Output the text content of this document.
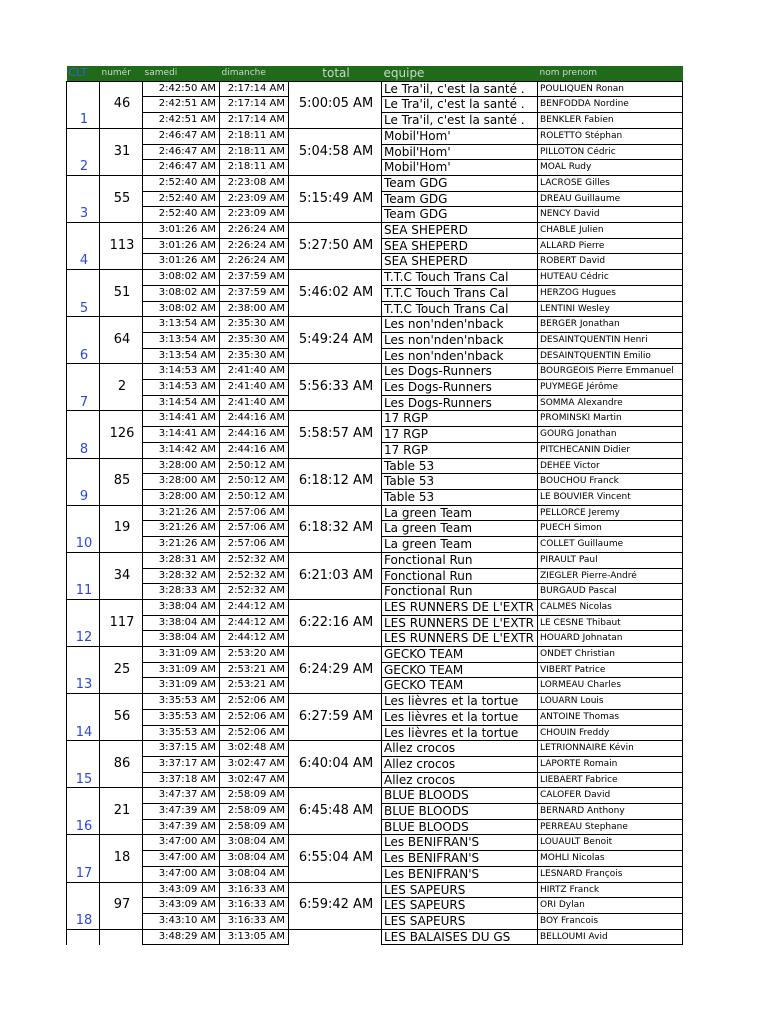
CLT	numér	samedi	dimanche	total	equipe	nom prenom
1	46	2:42:50 AM	2:17:14 AM	5:00:05 AM	Le Tra'il, c'est la santé .	POULIQUEN Ronan
		2:42:51 AM	2:17:14 AM		Le Tra'il, c'est la santé .	BENFODDA Nordine
		2:42:51 AM	2:17:14 AM		Le Tra'il, c'est la santé .	BENKLER Fabien
2	31	2:46:47 AM	2:18:11 AM	5:04:58 AM	Mobil'Hom'	ROLETTO Stéphan
		2:46:47 AM	2:18:11 AM		Mobil'Hom'	PILLOTON Cédric
		2:46:47 AM	2:18:11 AM		Mobil'Hom'	MOAL Rudy
3	55	2:52:40 AM	2:23:08 AM	5:15:49 AM	Team GDG	LACROSE Gilles
		2:52:40 AM	2:23:09 AM		Team GDG	DREAU Guillaume
		2:52:40 AM	2:23:09 AM		Team GDG	NENCY David
4	113	3:01:26 AM	2:26:24 AM	5:27:50 AM	SEA SHEPERD	CHABLE Julien
		3:01:26 AM	2:26:24 AM		SEA SHEPERD	ALLARD Pierre
		3:01:26 AM	2:26:24 AM		SEA SHEPERD	ROBERT David
5	51	3:08:02 AM	2:37:59 AM	5:46:02 AM	T.T.C Touch Trans Cal	HUTEAU Cédric
		3:08:02 AM	2:37:59 AM		T.T.C Touch Trans Cal	HERZOG Hugues
		3:08:02 AM	2:38:00 AM		T.T.C Touch Trans Cal	LENTINI Wesley
6	64	3:13:54 AM	2:35:30 AM	5:49:24 AM	Les non'nden'nback	BERGER Jonathan
		3:13:54 AM	2:35:30 AM		Les non'nden'nback	DESAINTQUENTIN Henri
		3:13:54 AM	2:35:30 AM		Les non'nden'nback	DESAINTQUENTIN Emilio
7	2	3:14:53 AM	2:41:40 AM	5:56:33 AM	Les Dogs-Runners	BOURGEOIS Pierre Emmanuel
		3:14:53 AM	2:41:40 AM		Les Dogs-Runners	PUYMEGE Jérôme
		3:14:54 AM	2:41:40 AM		Les Dogs-Runners	SOMMA Alexandre
8	126	3:14:41 AM	2:44:16 AM	5:58:57 AM	17 RGP	PROMINSKI Martin
		3:14:41 AM	2:44:16 AM		17 RGP	GOURG Jonathan
		3:14:42 AM	2:44:16 AM		17 RGP	PITCHECANIN Didier
9	85	3:28:00 AM	2:50:12 AM	6:18:12 AM	Table 53	DEHEE Victor
		3:28:00 AM	2:50:12 AM		Table 53	BOUCHOU Franck
		3:28:00 AM	2:50:12 AM		Table 53	LE BOUVIER Vincent
10	19	3:21:26 AM	2:57:06 AM	6:18:32 AM	La green Team	PELLORCE Jeremy
		3:21:26 AM	2:57:06 AM		La green Team	PUECH Simon
		3:21:26 AM	2:57:06 AM		La green Team	COLLET Guillaume
11	34	3:28:31 AM	2:52:32 AM	6:21:03 AM	Fonctional Run	PIRAULT Paul
		3:28:32 AM	2:52:32 AM		Fonctional Run	ZIEGLER Pierre-André
		3:28:33 AM	2:52:32 AM		Fonctional Run	BURGAUD Pascal
12	117	3:38:04 AM	2:44:12 AM	6:22:16 AM	LES RUNNERS DE L'EXTR	CALMES Nicolas
		3:38:04 AM	2:44:12 AM		LES RUNNERS DE L'EXTR	LE CESNE Thibaut
		3:38:04 AM	2:44:12 AM		LES RUNNERS DE L'EXTR	HOUARD Johnatan
13	25	3:31:09 AM	2:53:20 AM	6:24:29 AM	GECKO TEAM	ONDET Christian
		3:31:09 AM	2:53:21 AM		GECKO TEAM	VIBERT Patrice
		3:31:09 AM	2:53:21 AM		GECKO TEAM	LORMEAU Charles
14	56	3:35:53 AM	2:52:06 AM	6:27:59 AM	Les lièvres et la tortue	LOUARN Louis
		3:35:53 AM	2:52:06 AM		Les lièvres et la tortue	ANTOINE Thomas
		3:35:53 AM	2:52:06 AM		Les lièvres et la tortue	CHOUIN Freddy
15	86	3:37:15 AM	3:02:48 AM	6:40:04 AM	Allez crocos	LETRIONNAIRE Kévin
		3:37:17 AM	3:02:47 AM		Allez crocos	LAPORTE Romain
		3:37:18 AM	3:02:47 AM		Allez crocos	LIEBAERT Fabrice
16	21	3:47:37 AM	2:58:09 AM	6:45:48 AM	BLUE BLOODS	CALOFER David
		3:47:39 AM	2:58:09 AM		BLUE BLOODS	BERNARD Anthony
		3:47:39 AM	2:58:09 AM		BLUE BLOODS	PERREAU Stephane
17	18	3:47:00 AM	3:08:04 AM	6:55:04 AM	Les BENIFRAN'S	LOUAULT Benoit
		3:47:00 AM	3:08:04 AM		Les BENIFRAN'S	MOHLI Nicolas
		3:47:00 AM	3:08:04 AM		Les BENIFRAN'S	LESNARD François
18	97	3:43:09 AM	3:16:33 AM	6:59:42 AM	LES SAPEURS	HIRTZ Franck
		3:43:09 AM	3:16:33 AM		LES SAPEURS	ORI Dylan
		3:43:10 AM	3:16:33 AM		LES SAPEURS	BOY Francois
		3:48:29 AM	3:13:05 AM		LES BALAISES DU GS	BELLOUMI Avid
